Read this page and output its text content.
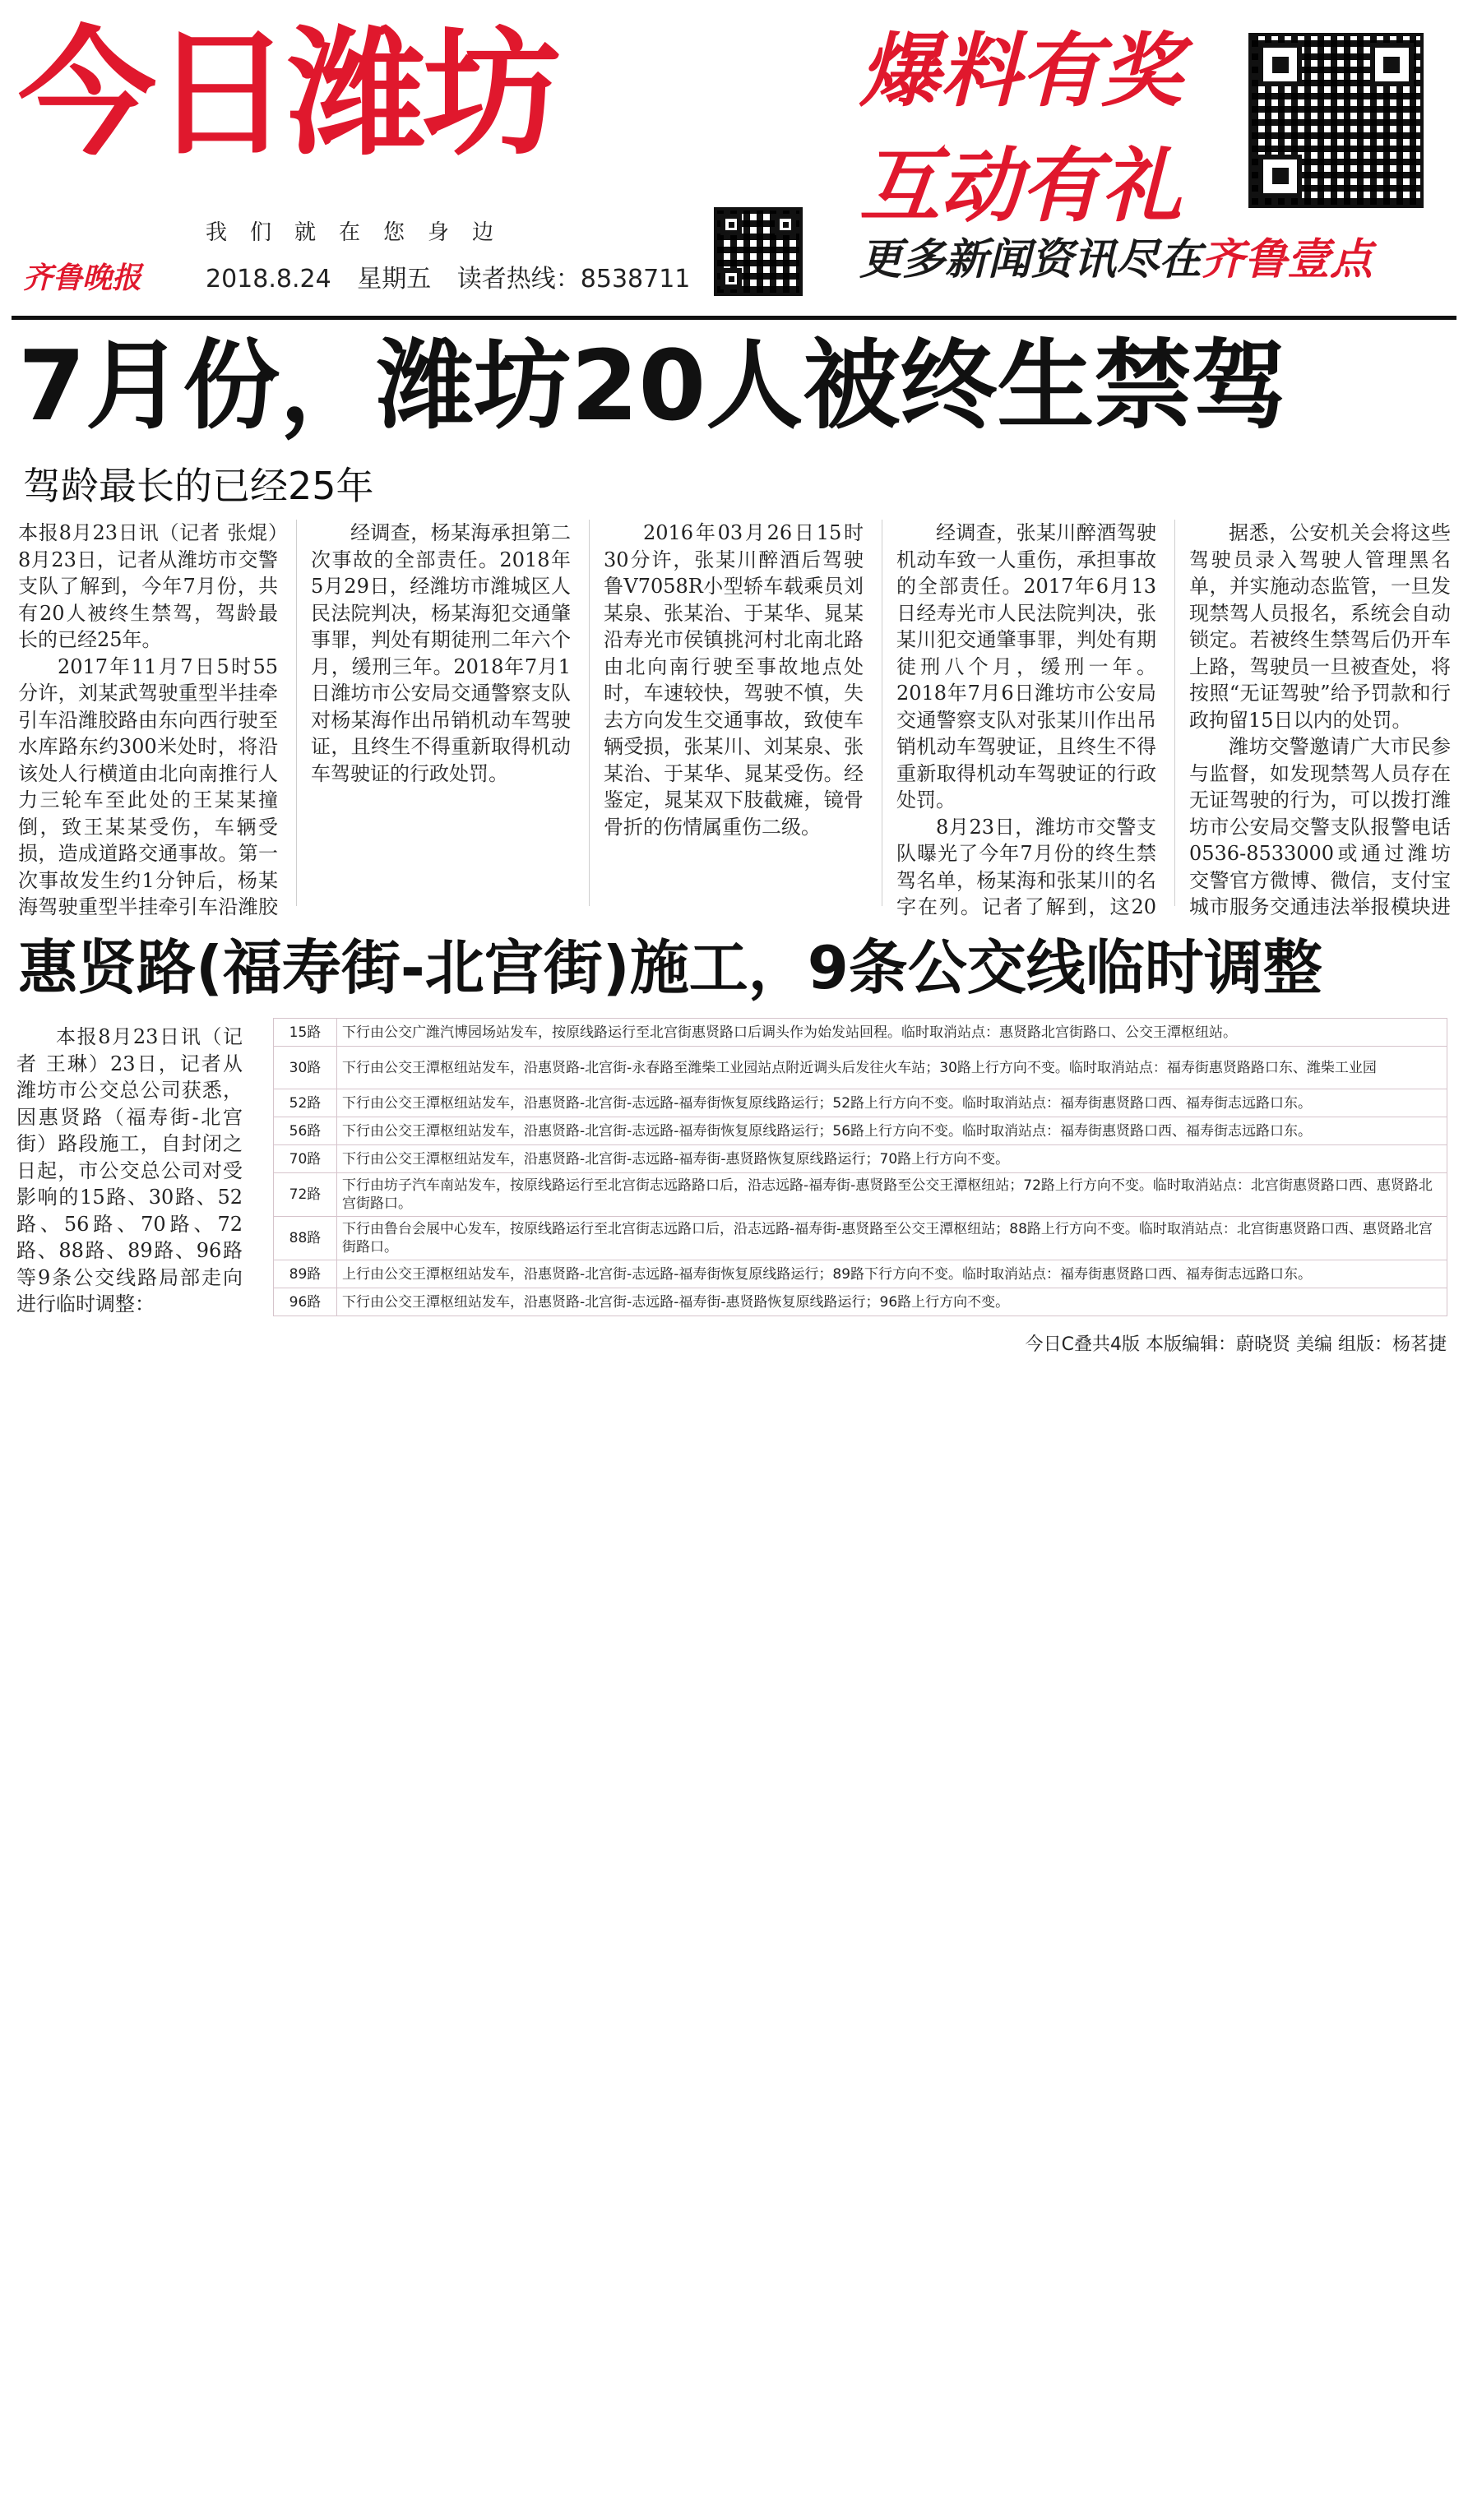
今日潍坊
我们就在您身边
齐鲁晚报	2018.8.24 星期五 读者热线：8538711
爆料有奖
互动有礼
更多新闻资讯尽在齐鲁壹点
7月份，潍坊20人被终生禁驾
驾龄最长的已经25年

本报8月23日讯（记者 张焜）8月23日，记者从潍坊市交警支队了解到，今年7月份，共有20人被终生禁驾，驾龄最长的已经25年。

2017年11月7日5时55分许，刘某武驾驶重型半挂牵引车沿潍胶路由东向西行驶至水库路东约300米处时，将沿该处人行横道由北向南推行人力三轮车至此处的王某某撞倒，致王某某受伤，车辆受损，造成道路交通事故。第一次事故发生约1分钟后，杨某海驾驶重型半挂牵引车沿潍胶

经调查，杨某海承担第二次事故的全部责任。2018年5月29日，经潍坊市潍城区人民法院判决，杨某海犯交通肇事罪，判处有期徒刑二年六个月，缓刑三年。2018年7月1日潍坊市公安局交通警察支队对杨某海作出吊销机动车驾驶证，且终生不得重新取得机动车驾驶证的行政处罚。

2016年03月26日15时30分许，张某川醉酒后驾驶鲁V7058R小型轿车载乘员刘某泉、张某治、于某华、晁某沿寿光市侯镇挑河村北南北路由北向南行驶至事故地点处时，车速较快，驾驶不慎，失去方向发生交通事故，致使车辆受损，张某川、刘某泉、张某治、于某华、晁某受伤。经鉴定，晁某双下肢截瘫，镜骨骨折的伤情属重伤二级。

经调查，张某川醉酒驾驶机动车致一人重伤，承担事故的全部责任。2017年6月13日经寿光市人民法院判决，张某川犯交通肇事罪，判处有期徒刑八个月，缓刑一年。2018年7月6日潍坊市公安局交通警察支队对张某川作出吊销机动车驾驶证，且终生不得重新取得机动车驾驶证的行政处罚。

8月23日，潍坊市交警支队曝光了今年7月份的终生禁驾名单，杨某海和张某川的名字在列。记者了解到，这20

据悉，公安机关会将这些驾驶员录入驾驶人管理黑名单，并实施动态监管，一旦发现禁驾人员报名，系统会自动锁定。若被终生禁驾后仍开车上路，驾驶员一旦被查处，将按照“无证驾驶”给予罚款和行政拘留15日以内的处罚。

潍坊交警邀请广大市民参与监督，如发现禁驾人员存在无证驾驶的行为，可以拨打潍坊市公安局交警支队报警电话0536-8533000或通过潍坊交警官方微博、微信，支付宝城市服务交通违法举报模块进

惠贤路(福寿街-北宫街)施工，9条公交线临时调整

本报8月23日讯（记者 王琳）23日，记者从潍坊市公交总公司获悉，因惠贤路（福寿街-北宫街）路段施工，自封闭之日起，市公交总公司对受影响的15路、30路、52路、56路、70路、72路、88路、89路、96路等9条公交线路局部走向进行临时调整：

15路	下行由公交广潍汽博园场站发车，按原线路运行至北宫街惠贤路口后调头作为始发站回程。临时取消站点：惠贤路北宫街路口、公交王潭枢纽站。
30路	下行由公交王潭枢纽站发车，沿惠贤路-北宫街-永春路至潍柴工业园站点附近调头后发往火车站；30路上行方向不变。临时取消站点：福寿街惠贤路路口东、潍柴工业园
52路	下行由公交王潭枢纽站发车，沿惠贤路-北宫街-志远路-福寿街恢复原线路运行；52路上行方向不变。临时取消站点：福寿街惠贤路口西、福寿街志远路口东。
56路	下行由公交王潭枢纽站发车，沿惠贤路-北宫街-志远路-福寿街恢复原线路运行；56路上行方向不变。临时取消站点：福寿街惠贤路口西、福寿街志远路口东。
70路	下行由公交王潭枢纽站发车，沿惠贤路-北宫街-志远路-福寿街-惠贤路恢复原线路运行；70路上行方向不变。
72路	下行由坊子汽车南站发车，按原线路运行至北宫街志远路路口后，沿志远路-福寿街-惠贤路至公交王潭枢纽站；72路上行方向不变。临时取消站点：北宫街惠贤路口西、惠贤路北宫街路口。
88路	下行由鲁台会展中心发车，按原线路运行至北宫街志远路口后，沿志远路-福寿街-惠贤路至公交王潭枢纽站；88路上行方向不变。临时取消站点：北宫街惠贤路口西、惠贤路北宫街路口。
89路	上行由公交王潭枢纽站发车，沿惠贤路-北宫街-志远路-福寿街恢复原线路运行；89路下行方向不变。临时取消站点：福寿街惠贤路口西、福寿街志远路口东。
96路	下行由公交王潭枢纽站发车，沿惠贤路-北宫街-志远路-福寿街-惠贤路恢复原线路运行；96路上行方向不变。
今日C叠共4版 本版编辑：蔚晓贤 美编 组版：杨茗捷
